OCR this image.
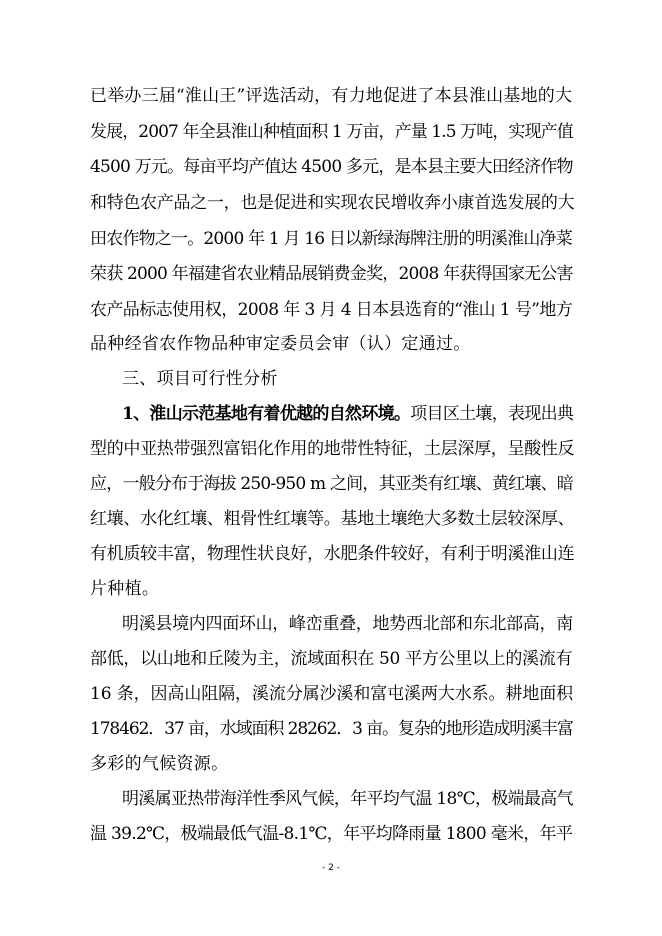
已举办三届“淮山王”评选活动，有力地促进了本县淮山基地的大
发展，2007 年全县淮山种植面积 1 万亩，产量 1.5 万吨，实现产值
4500 万元。每亩平均产值达 4500 多元，是本县主要大田经济作物
和特色农产品之一，也是促进和实现农民增收奔小康首选发展的大
田农作物之一。2000 年 1 月 16 日以新绿海牌注册的明溪淮山净菜
荣获 2000 年福建省农业精品展销费金奖，2008 年获得国家无公害
农产品标志使用权，2008 年 3 月 4 日本县选育的“淮山 1 号”地方
品种经省农作物品种审定委员会审（认）定通过。
三、项目可行性分析
1、淮山示范基地有着优越的自然环境。项目区土壤，表现出典
型的中亚热带强烈富铝化作用的地带性特征，土层深厚，呈酸性反
应，一般分布于海拔 250-950 m 之间，其亚类有红壤、黄红壤、暗
红壤、水化红壤、粗骨性红壤等。基地土壤绝大多数土层较深厚、
有机质较丰富，物理性状良好，水肥条件较好，有利于明溪淮山连
片种植。
明溪县境内四面环山，峰峦重叠，地势西北部和东北部高，南
部低，以山地和丘陵为主，流域面积在 50 平方公里以上的溪流有
16 条，因高山阻隔，溪流分属沙溪和富屯溪两大水系。耕地面积
178462．37 亩，水域面积 28262．3 亩。复杂的地形造成明溪丰富
多彩的气候资源。
明溪属亚热带海洋性季风气候，年平均气温 18℃，极端最高气
温 39.2℃，极端最低气温-8.1℃，年平均降雨量 1800 毫米，年平
- 2 -
